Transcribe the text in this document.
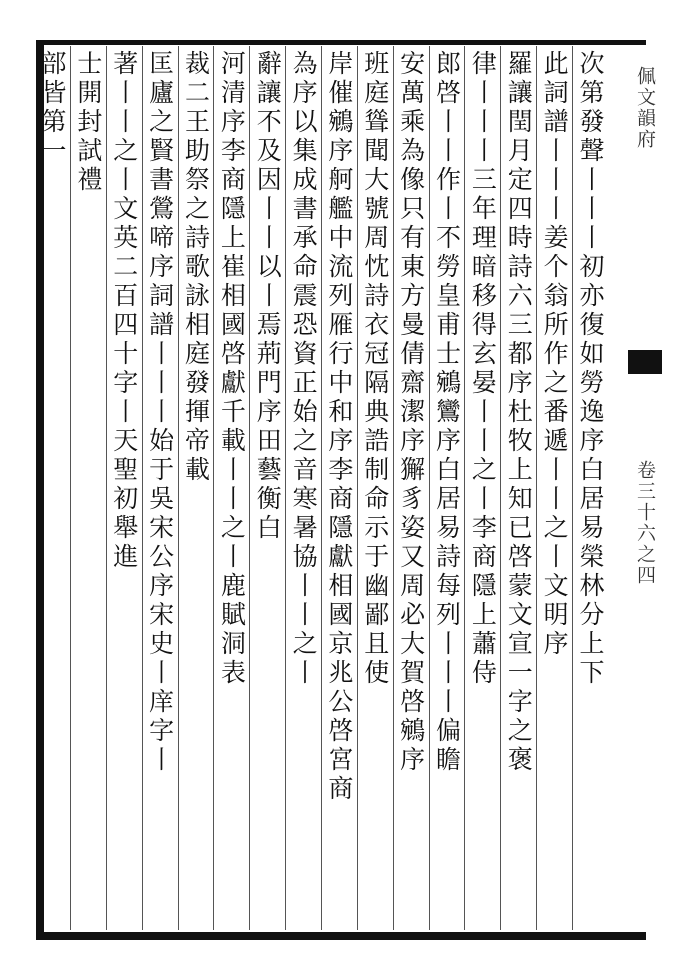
佩文韻府
卷三十六之四
次第發聲丨丨丨初亦復如勞逸序白居易榮林分上下
此詞譜丨丨丨姜个翁所作之番遞丨丨之丨文明序
羅讓閏月定四時詩六三都序杜牧上知已啓蒙文宣一字之褒
律丨丨丨三年理暗移得玄晏丨丨之丨李商隱上蕭侍
郎啓丨丨作丨不勞皇甫士鵷鸞序白居易詩每列丨丨丨偏瞻
安萬乘為像只有東方曼倩齋潔序獬豸姿又周必大賀啓鵷序
班庭聳聞大號周忱詩衣冠隔典誥制命示于幽鄙且使
岸催鵷序舸艦中流列雁行中和序李商隱獻相國京兆公啓宮商
為序以集成書承命震恐資正始之音寒暑協丨丨之丨
辭讓不及因丨丨以丨焉荊門序田藝衡白
河清序李商隱上崔相國啓獻千載丨丨之丨鹿賦洞表
裁二王助祭之詩歌詠相庭發揮帝載
匡廬之賢書鶯啼序詞譜丨丨丨始于吳宋公序宋史丨庠字丨
著丨丨之丨文英二百四十字丨天聖初舉進
士開封試禮
部皆第一
